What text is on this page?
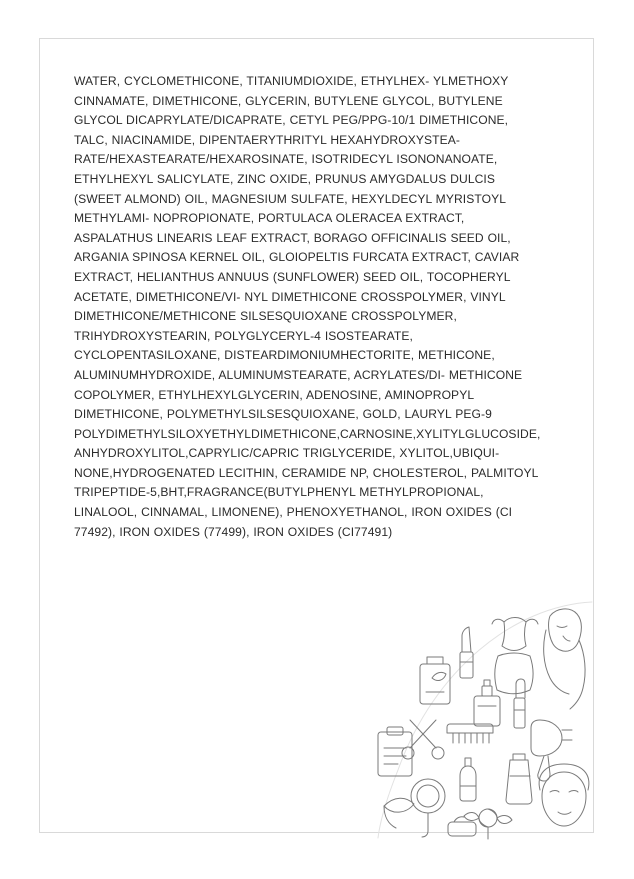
WATER, CYCLOMETHICONE, TITANIUMDIOXIDE, ETHYLHEX- YLMETHOXY CINNAMATE, DIMETHICONE, GLYCERIN, BUTYLENE GLYCOL, BUTYLENE GLYCOL DICAPRYLATE/DICAPRATE, CETYL PEG/PPG-10/1 DIMETHICONE, TALC, NIACINAMIDE, DIPENTAERYTHRITYL HEXAHYDROXYSTEA-RATE/HEXASTEARATE/HEXAROSINATE, ISOTRIDECYL ISONONANOATE, ETHYLHEXYL SALICYLATE, ZINC OXIDE, PRUNUS AMYGDALUS DULCIS (SWEET ALMOND) OIL, MAGNESIUM SULFATE, HEXYLDECYL MYRISTOYL METHYLAMI- NOPROPIONATE, PORTULACA OLERACEA EXTRACT, ASPALATHUS LINEARIS LEAF EXTRACT, BORAGO OFFICINALIS SEED OIL, ARGANIA SPINOSA KERNEL OIL, GLOIOPELTIS FURCATA EXTRACT, CAVIAR EXTRACT, HELIANTHUS ANNUUS (SUNFLOWER) SEED OIL, TOCOPHERYL ACETATE, DIMETHICONE/VI- NYL DIMETHICONE CROSSPOLYMER, VINYL DIMETHICONE/METHICONE SILSESQUIOXANE CROSSPOLYMER, TRIHYDROXYSTEARIN, POLYGLYCERYL-4 ISOSTEARATE, CYCLOPENTASILOXANE, DISTEARDIMONIUMHECTORITE, METHICONE, ALUMINUMHYDROXIDE, ALUMINUMSTEARATE, ACRYLATES/DI- METHICONE COPOLYMER, ETHYLHEXYLGLYCERIN, ADENOSINE, AMINOPROPYL DIMETHICONE, POLYMETHYLSILSESQUIOXANE, GOLD, LAURYL PEG-9 POLYDIMETHYLSILOXYETHYLDIMETHICONE,CARNOSINE,XYLITYLGLUCOSIDE, ANHYDROXYLITOL,CAPRYLIC/CAPRIC TRIGLYCERIDE, XYLITOL,UBIQUI-NONE,HYDROGENATED LECITHIN, CERAMIDE NP, CHOLESTEROL, PALMITOYL TRIPEPTIDE-5,BHT,FRAGRANCE(BUTYLPHENYL METHYLPROPIONAL, LINALOOL, CINNAMAL, LIMONENE), PHENOXYETHANOL, IRON OXIDES (CI 77492), IRON OXIDES (77499), IRON OXIDES (CI77491)
